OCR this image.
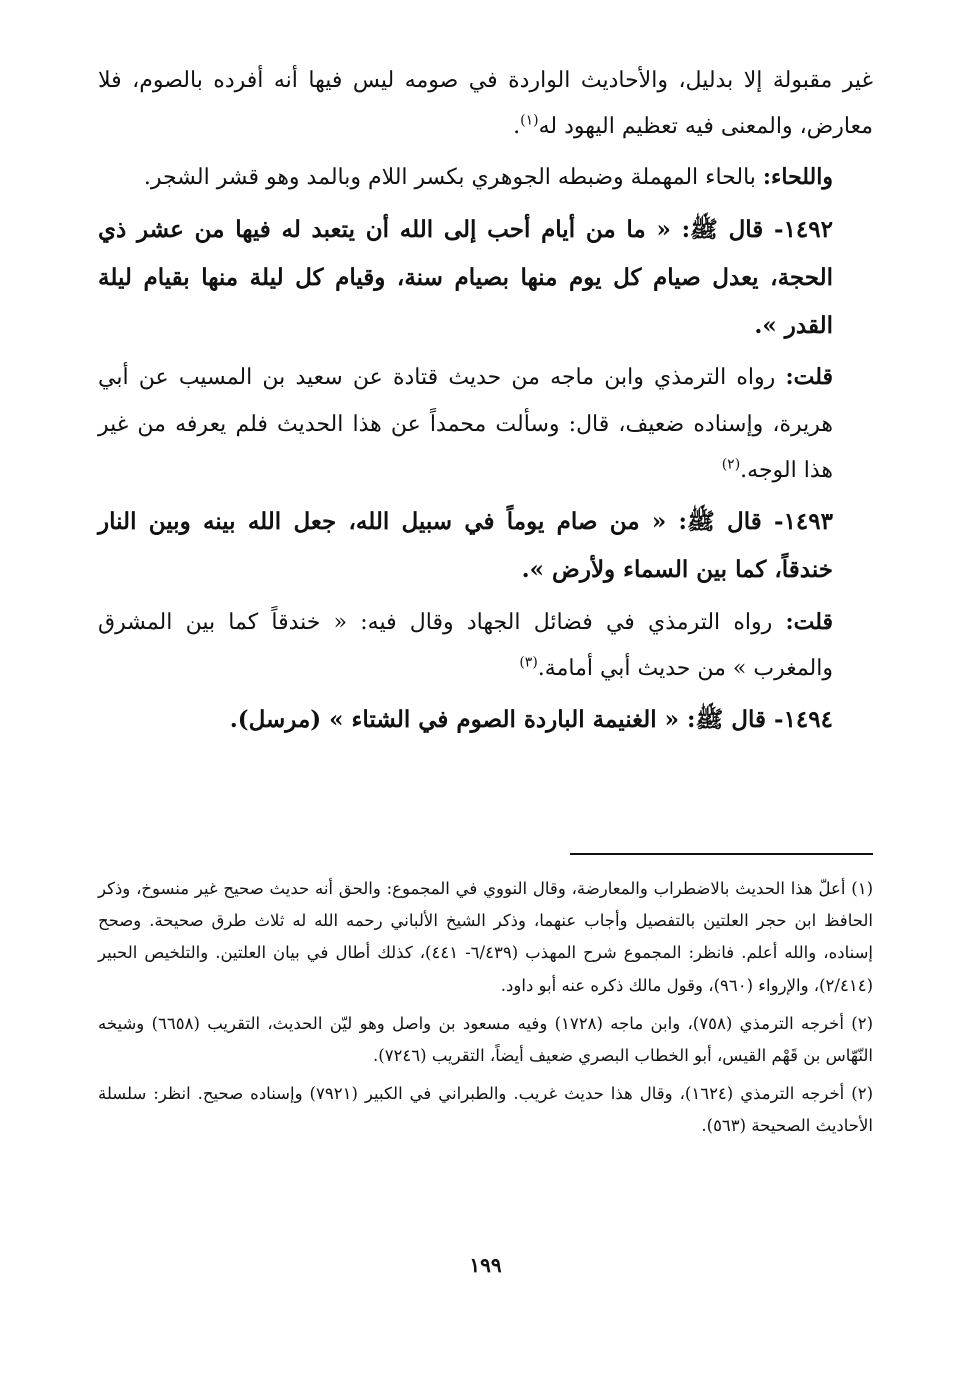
غير مقبولة إلا بدليل، والأحاديث الواردة في صومه ليس فيها أنه أفرده بالصوم، فلا معارض، والمعنى فيه تعظيم اليهود له$^{(١)}$.

واللحاء: بالحاء المهملة وضبطه الجوهري بكسر اللام وبالمد وهو قشر الشجر.

١٤٩٢- قال ﷺ: « ما من أيام أحب إلى الله أن يتعبد له فيها من عشر ذي الحجة، يعدل صيام كل يوم منها بصيام سنة، وقيام كل ليلة منها بقيام ليلة القدر ».

قلت: رواه الترمذي وابن ماجه من حديث قتادة عن سعيد بن المسيب عن أبي هريرة، وإسناده ضعيف، قال: وسألت محمداً عن هذا الحديث فلم يعرفه من غير هذا الوجه.$^{(٢)}$

١٤٩٣- قال ﷺ: « من صام يوماً في سبيل الله، جعل الله بينه وبين النار خندقاً، كما بين السماء ولأرض ».

قلت: رواه الترمذي في فضائل الجهاد وقال فيه: « خندقاً كما بين المشرق والمغرب » من حديث أبي أمامة.$^{(٣)}$

١٤٩٤- قال ﷺ: « الغنيمة الباردة الصوم في الشتاء » (مرسل).

(١) أعلّ هذا الحديث بالاضطراب والمعارضة، وقال النووي في المجموع: والحق أنه حديث صحيح غير منسوخ، وذكر الحافظ ابن حجر العلتين بالتفصيل وأجاب عنهما، وذكر الشيخ الألباني رحمه الله له ثلاث طرق صحيحة. وصحح إسناده، والله أعلم. فانظر: المجموع شرح المهذب (٦/٤٣٩- ٤٤١)، كذلك أطال في بيان العلتين. والتلخيص الحبير (٢/٤١٤)، والإرواء (٩٦٠)، وقول مالك ذكره عنه أبو داود.

(٢) أخرجه الترمذي (٧٥٨)، وابن ماجه (١٧٢٨) وفيه مسعود بن واصل وهو ليّن الحديث، التقريب (٦٦٥٨) وشيخه النّهّاس بن قَهْم القيس، أبو الخطاب البصري ضعيف أيضاً، التقريب (٧٢٤٦).

(٢) أخرجه الترمذي (١٦٢٤)، وقال هذا حديث غريب. والطبراني في الكبير (٧٩٢١) وإسناده صحيح. انظر: سلسلة الأحاديث الصحيحة (٥٦٣).

١٩٩
